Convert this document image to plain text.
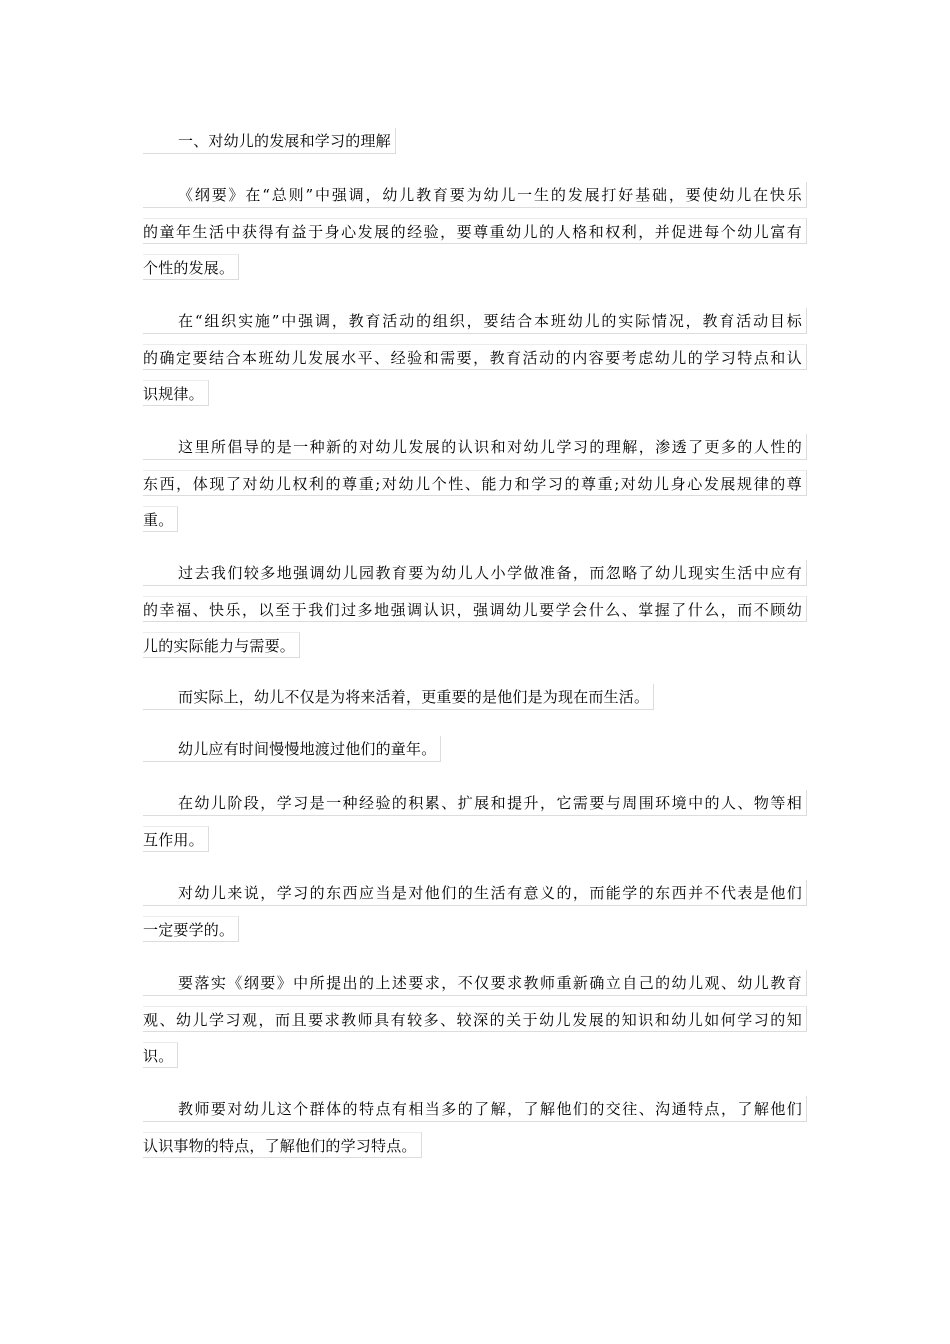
一、对幼儿的发展和学习的理解
《纲要》在“总则”中强调，幼儿教育要为幼儿一生的发展打好基础，要使幼儿在快乐
的童年生活中获得有益于身心发展的经验，要尊重幼儿的人格和权利，并促进每个幼儿富有
个性的发展。
在“组织实施”中强调，教育活动的组织，要结合本班幼儿的实际情况，教育活动目标
的确定要结合本班幼儿发展水平、经验和需要，教育活动的内容要考虑幼儿的学习特点和认
识规律。
这里所倡导的是一种新的对幼儿发展的认识和对幼儿学习的理解，渗透了更多的人性的
东西，体现了对幼儿权利的尊重;对幼儿个性、能力和学习的尊重;对幼儿身心发展规律的尊
重。
过去我们较多地强调幼儿园教育要为幼儿人小学做准备，而忽略了幼儿现实生活中应有
的幸福、快乐，以至于我们过多地强调认识，强调幼儿要学会什么、掌握了什么，而不顾幼
儿的实际能力与需要。
而实际上，幼儿不仅是为将来活着，更重要的是他们是为现在而生活。
幼儿应有时间慢慢地渡过他们的童年。
在幼儿阶段，学习是一种经验的积累、扩展和提升，它需要与周围环境中的人、物等相
互作用。
对幼儿来说，学习的东西应当是对他们的生活有意义的，而能学的东西并不代表是他们
一定要学的。
要落实《纲要》中所提出的上述要求，不仅要求教师重新确立自己的幼儿观、幼儿教育
观、幼儿学习观，而且要求教师具有较多、较深的关于幼儿发展的知识和幼儿如何学习的知
识。
教师要对幼儿这个群体的特点有相当多的了解，了解他们的交往、沟通特点，了解他们
认识事物的特点，了解他们的学习特点。
